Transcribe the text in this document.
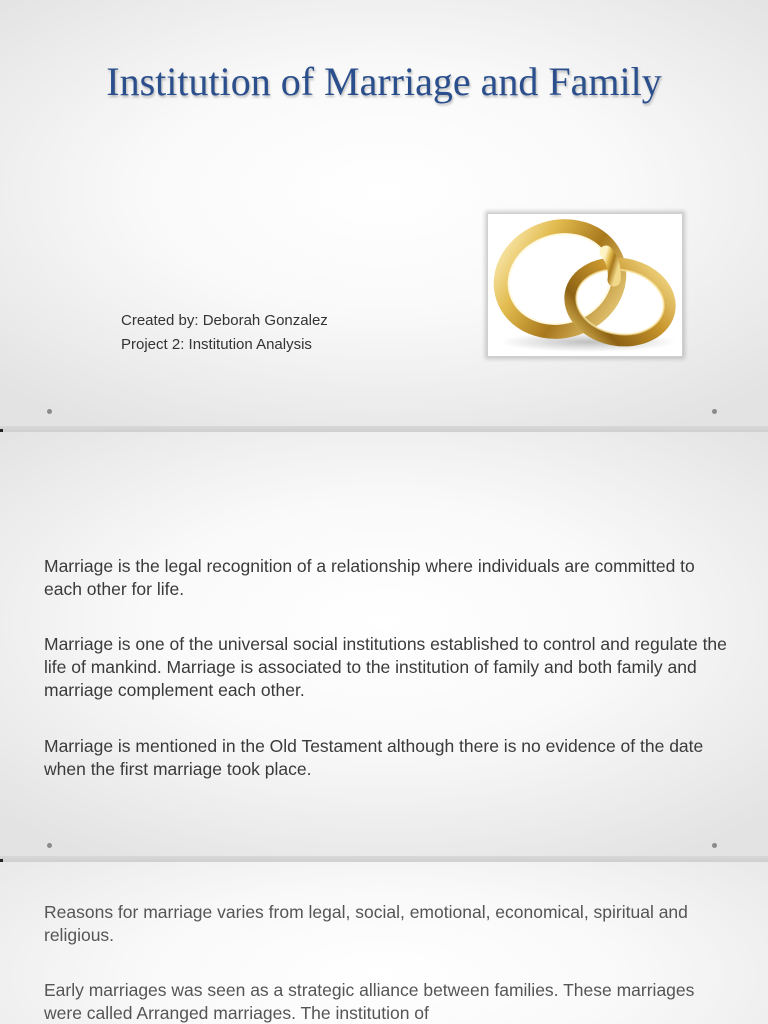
Institution of Marriage and Family
Created by: Deborah Gonzalez
Project 2: Institution Analysis

Marriage is the legal recognition of a relationship where individuals are committed to each other for life.

Marriage is one of the universal social institutions established to control and regulate the life of mankind. Marriage is associated to the institution of family and both family and marriage complement each other.

Marriage is mentioned in the Old Testament although there is no evidence of the date when the first marriage took place.

Reasons for marriage varies from legal, social, emotional, economical, spiritual and religious.

Early marriages was seen as a strategic alliance between families. These marriages were called Arranged marriages. The institution of
